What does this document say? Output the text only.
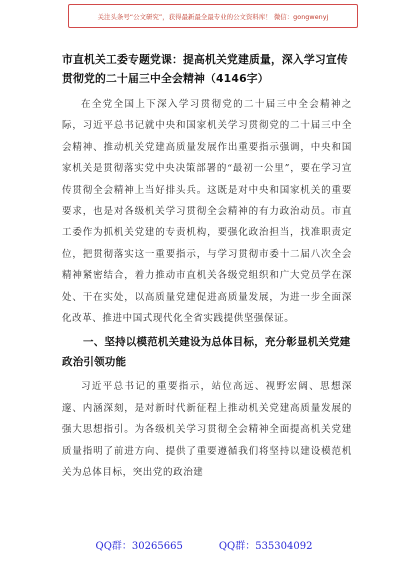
关注头条号“公文研究”，获得最新最全最专业的公文资料库！ 微信：gongwenyj
市直机关工委专题党课：提高机关党建质量，深入学习宣传贯彻党的二十届三中全会精神（4146字）

在全党全国上下深入学习贯彻党的二十届三中全会精神之际，习近平总书记就中央和国家机关学习贯彻党的二十届三中全会精神、推动机关党建高质量发展作出重要指示强调，中央和国家机关是贯彻落实党中央决策部署的“最初一公里”，要在学习宣传贯彻全会精神上当好排头兵。这既是对中央和国家机关的重要要求，也是对各级机关学习贯彻全会精神的有力政治动员。市直工委作为抓机关党建的专责机构，要强化政治担当，找准职责定位，把贯彻落实这一重要指示，与学习贯彻市委十二届八次全会精神紧密结合，着力推动市直机关各级党组织和广大党员学在深处、干在实处，以高质量党建促进高质量发展，为进一步全面深化改革、推进中国式现代化全省实践提供坚强保证。

一、坚持以模范机关建设为总体目标，充分彰显机关党建政治引领功能

习近平总书记的重要指示，站位高远、视野宏阔、思想深邃、内涵深刻，是对新时代新征程上推动机关党建高质量发展的强大思想指引。为各级机关学习贯彻全会精神全面提高机关党建质量指明了前进方向、提供了重要遵循我们将坚持以建设模范机关为总体目标，突出党的政治建

QQ群：30265665	QQ群：535304092
